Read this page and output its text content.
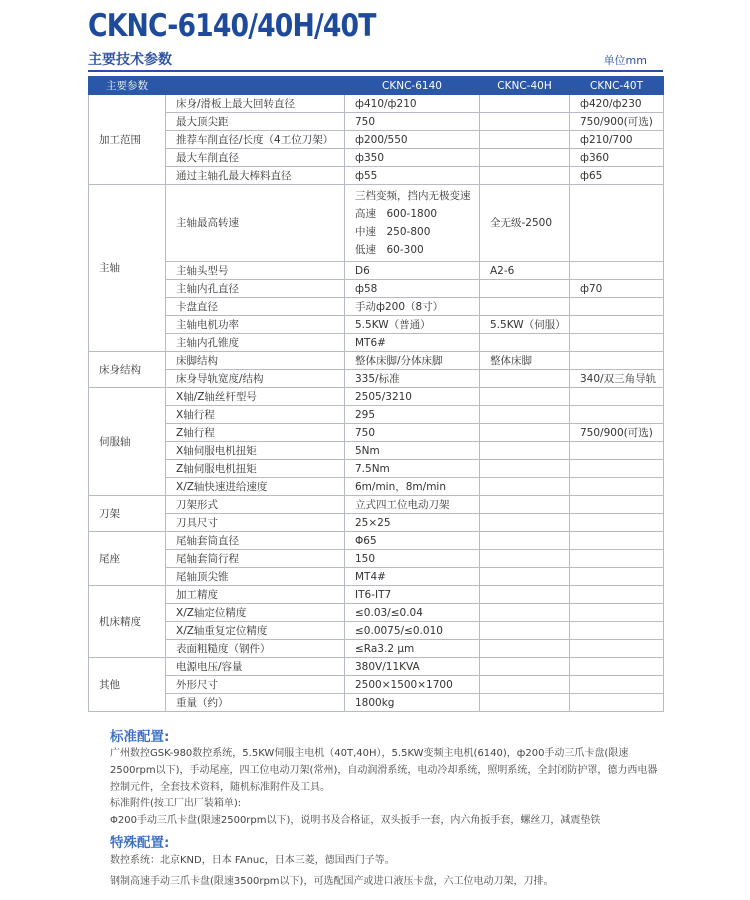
CKNC-6140/40H/40T
主要技术参数	单位mm
主要参数		CKNC-6140	CKNC-40H	CKNC-40T
加工范围	床身/滑板上最大回转直径	ф410/ф210		ф420/ф230
	最大顶尖距	750		750/900(可选)
	推荐车削直径/长度（4工位刀架）	ф200/550		ф210/700
	最大车削直径	ф350		ф360
	通过主轴孔最大棒料直径	ф55		ф65
主轴	主轴最高转速	三档变频，挡内无极变速
高速　600-1800
中速　250-800
低速　60-300	全无级-2500	
	主轴头型号	D6	A2-6	
	主轴内孔直径	ф58		ф70
	卡盘直径	手动ф200（8寸）		
	主轴电机功率	5.5KW（普通）	5.5KW（伺服）	
	主轴内孔锥度	MT6#		
床身结构	床脚结构	整体床脚/分体床脚	整体床脚	
	床身导轨宽度/结构	335/标准		340/双三角导轨
伺服轴	X轴/Z轴丝杆型号	2505/3210		
	X轴行程	295		
	Z轴行程	750		750/900(可选)
	X轴伺服电机扭矩	5Nm		
	Z轴伺服电机扭矩	7.5Nm		
	X/Z轴快速进给速度	6m/min，8m/min		
刀架	刀架形式	立式四工位电动刀架		
	刀具尺寸	25×25		
尾座	尾轴套筒直径	Φ65		
	尾轴套筒行程	150		
	尾轴顶尖锥	MT4#		
机床精度	加工精度	IT6-IT7		
	X/Z轴定位精度	≤0.03/≤0.04		
	X/Z轴重复定位精度	≤0.0075/≤0.010		
	表面粗糙度（钢件）	≤Ra3.2 μm		
其他	电源电压/容量	380V/11KVA		
	外形尺寸	2500×1500×1700		
	重量（约）	1800kg		
标准配置:
广州数控GSK-980数控系统，5.5KW伺服主电机（40T,40H），5.5KW变频主电机(6140)，ф200手动三爪卡盘(限速2500rpm以下)，手动尾座，四工位电动刀架(常州)，自动润滑系统，电动冷却系统，照明系统，全封闭防护罩，德力西电器控制元件，全套技术资料，随机标准附件及工具。
标准附件(按工厂出厂装箱单):
Φ200手动三爪卡盘(限速2500rpm以下)，说明书及合格证，双头扳手一套，内六角扳手套，螺丝刀，减震垫铁
特殊配置:
数控系统：北京KND，日本 FAnuc，日本三菱，德国西门子等。
钢制高速手动三爪卡盘(限速3500rpm以下)，可选配国产或进口液压卡盘，六工位电动刀架，刀排。
